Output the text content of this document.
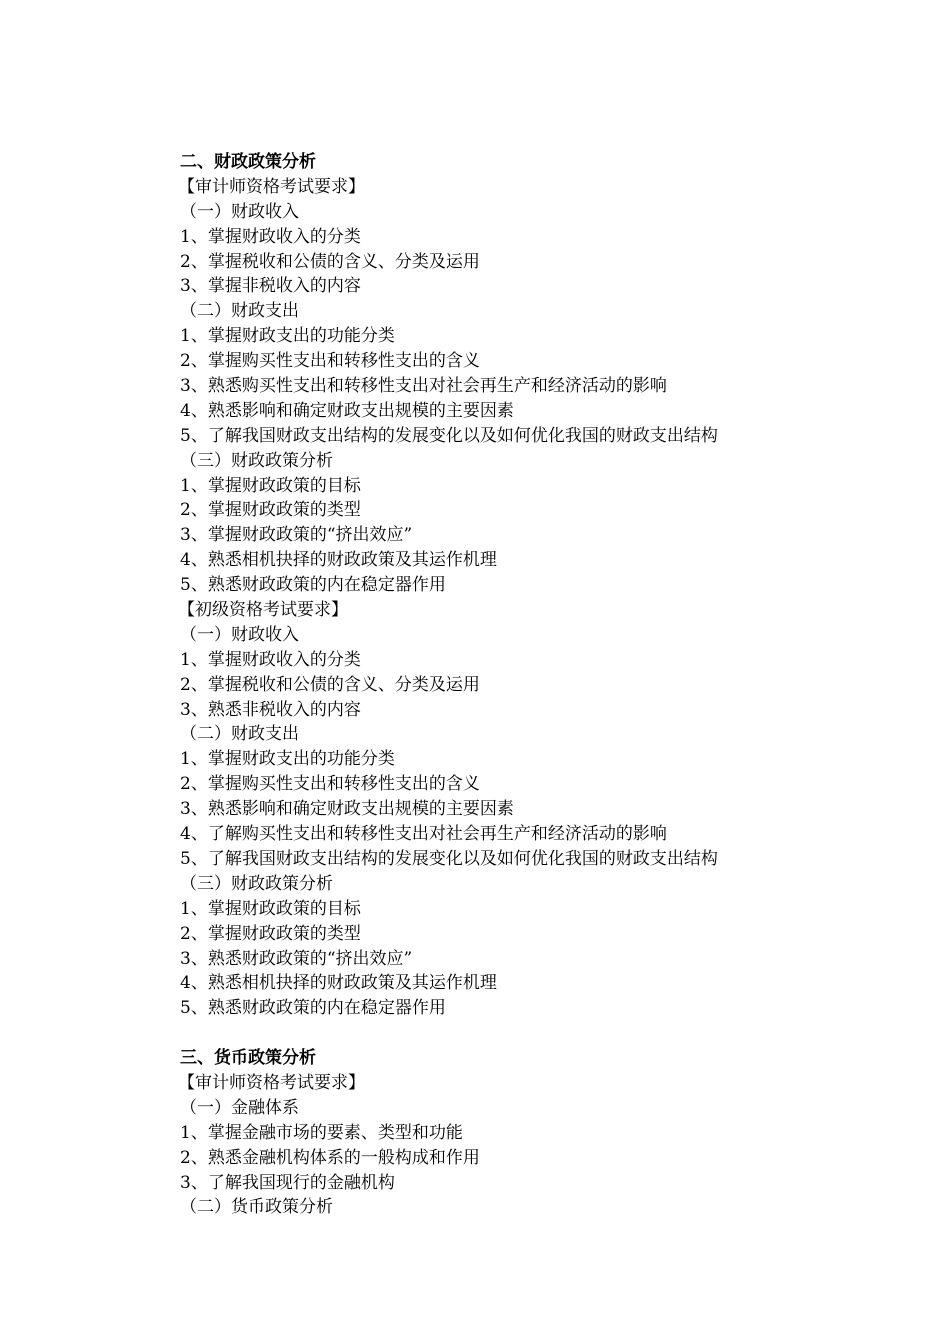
二、财政政策分析
【审计师资格考试要求】
（一）财政收入
1、掌握财政收入的分类
2、掌握税收和公债的含义、分类及运用
3、掌握非税收入的内容
（二）财政支出
1、掌握财政支出的功能分类
2、掌握购买性支出和转移性支出的含义
3、熟悉购买性支出和转移性支出对社会再生产和经济活动的影响
4、熟悉影响和确定财政支出规模的主要因素
5、了解我国财政支出结构的发展变化以及如何优化我国的财政支出结构
（三）财政政策分析
1、掌握财政政策的目标
2、掌握财政政策的类型
3、掌握财政政策的“挤出效应”
4、熟悉相机抉择的财政政策及其运作机理
5、熟悉财政政策的内在稳定器作用
【初级资格考试要求】
（一）财政收入
1、掌握财政收入的分类
2、掌握税收和公债的含义、分类及运用
3、熟悉非税收入的内容
（二）财政支出
1、掌握财政支出的功能分类
2、掌握购买性支出和转移性支出的含义
3、熟悉影响和确定财政支出规模的主要因素
4、了解购买性支出和转移性支出对社会再生产和经济活动的影响
5、了解我国财政支出结构的发展变化以及如何优化我国的财政支出结构
（三）财政政策分析
1、掌握财政政策的目标
2、掌握财政政策的类型
3、熟悉财政政策的“挤出效应”
4、熟悉相机抉择的财政政策及其运作机理
5、熟悉财政政策的内在稳定器作用
三、货币政策分析
【审计师资格考试要求】
（一）金融体系
1、掌握金融市场的要素、类型和功能
2、熟悉金融机构体系的一般构成和作用
3、了解我国现行的金融机构
（二）货币政策分析
